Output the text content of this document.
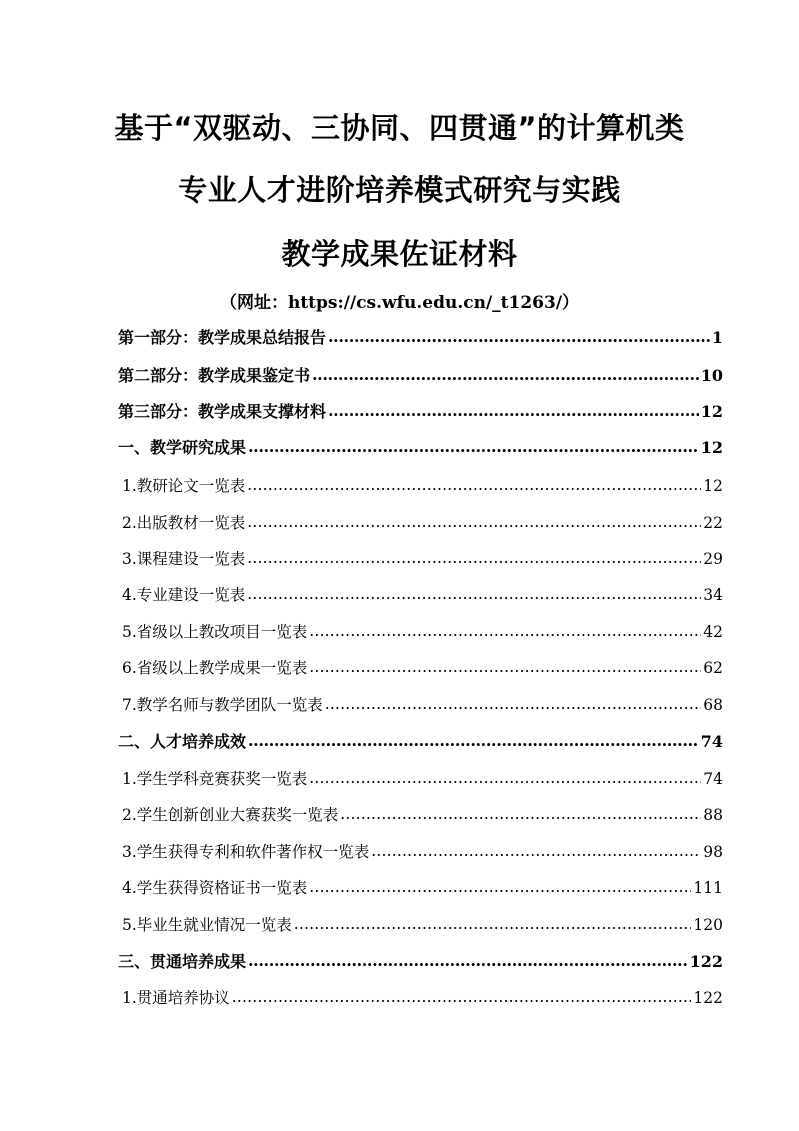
基于“双驱动、三协同、四贯通”的计算机类
专业人才进阶培养模式研究与实践
教学成果佐证材料
（网址：https://cs.wfu.edu.cn/_t1263/）
第一部分：教学成果总结报告 .....	1
第二部分：教学成果鉴定书 .....	10
第三部分：教学成果支撑材料 .....	12
一、教学研究成果 .....	12
1.教研论文一览表 .....	12
2.出版教材一览表 .....	22
3.课程建设一览表 .....	29
4.专业建设一览表 .....	34
5.省级以上教改项目一览表 .....	42
6.省级以上教学成果一览表 .....	62
7.教学名师与教学团队一览表 .....	68
二、人才培养成效 .....	74
1.学生学科竞赛获奖一览表 .....	74
2.学生创新创业大赛获奖一览表 .....	88
3.学生获得专利和软件著作权一览表 .....	98
4.学生获得资格证书一览表 .....	111
5.毕业生就业情况一览表 .....	120
三、贯通培养成果 .....	122
1.贯通培养协议 .....	122
